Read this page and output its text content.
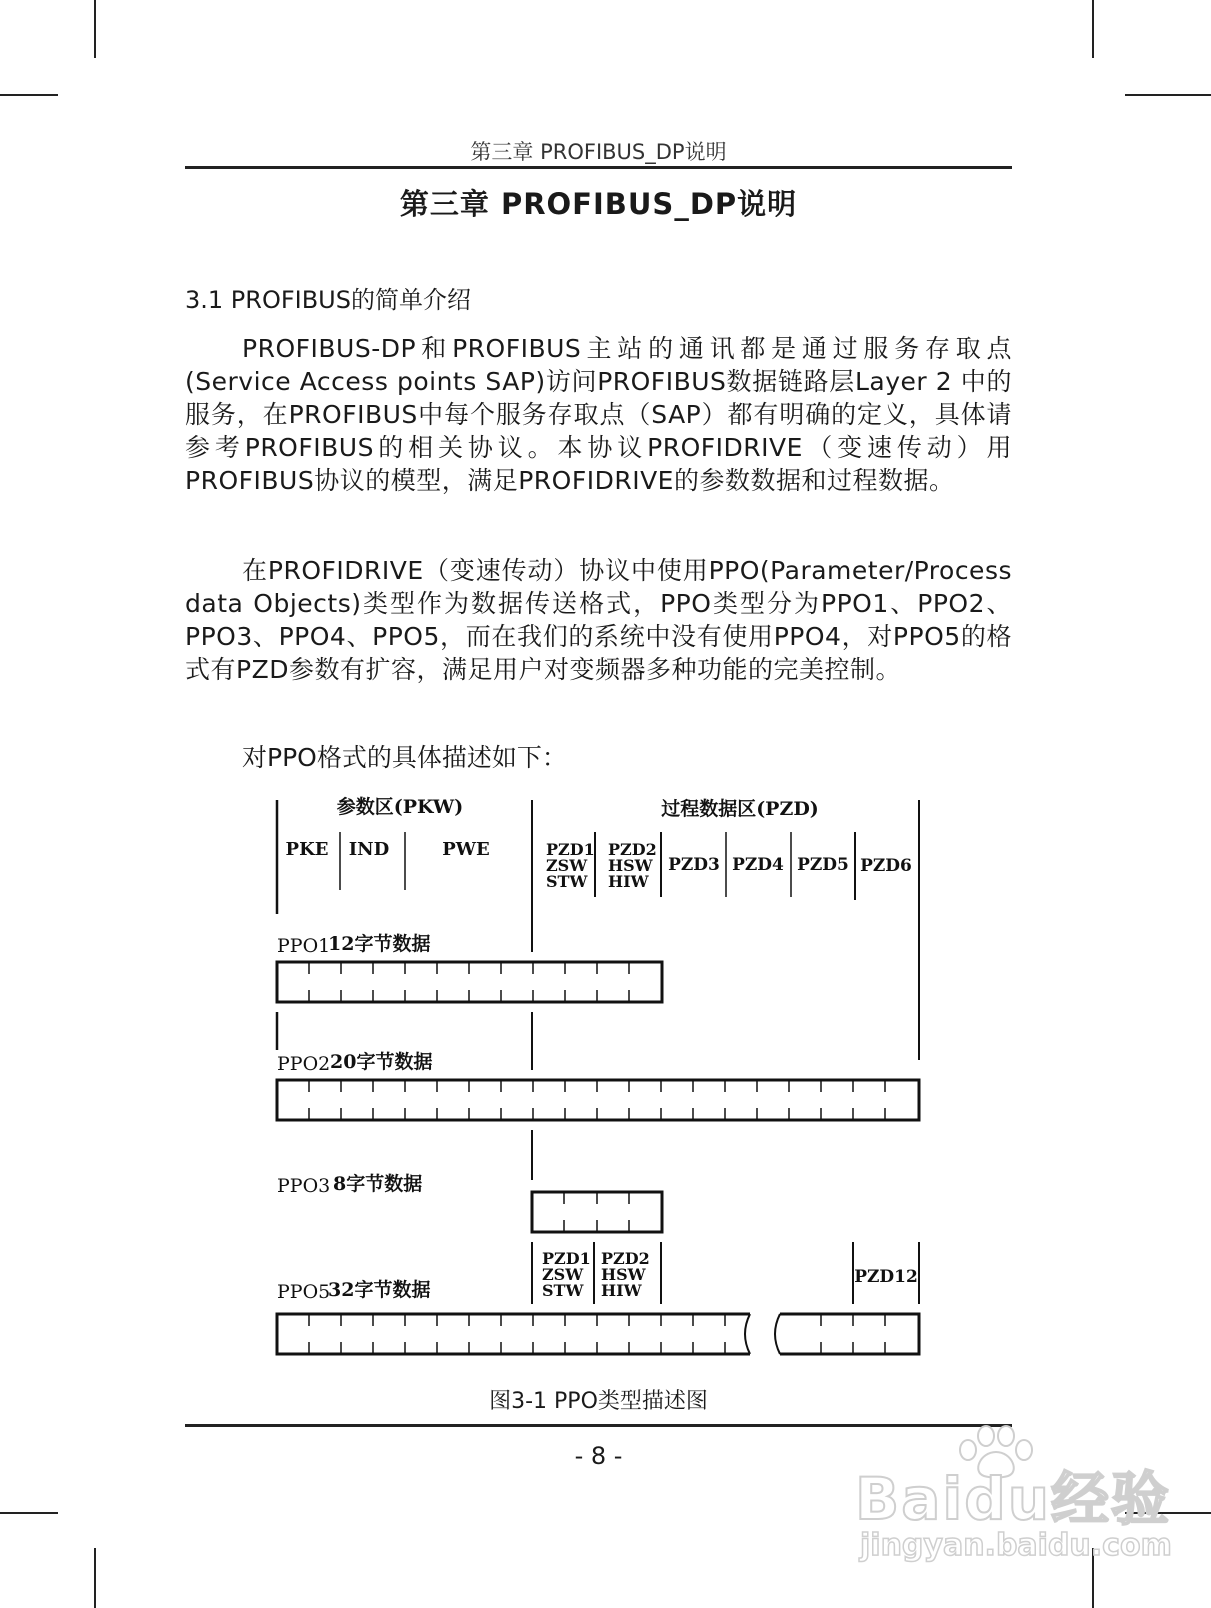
第三章 PROFIBUS_DP说明
第三章 PROFIBUS_DP说明
3.1 PROFIBUS的简单介绍

PROFIBUS-DP和PROFIBUS主站的通讯都是通过服务存取点(Service Access points SAP)访问PROFIBUS数据链路层Layer 2 中的服务，在PROFIBUS中每个服务存取点（SAP）都有明确的定义，具体请参考PROFIBUS的相关协议。本协议PROFIDRIVE（变速传动）用PROFIBUS协议的模型，满足PROFIDRIVE的参数数据和过程数据。

在PROFIDRIVE（变速传动）协议中使用PPO(Parameter/Process data Objects)类型作为数据传送格式，PPO类型分为PPO1、PPO2、PPO3、PPO4、PPO5，而在我们的系统中没有使用PPO4，对PPO5的格式有PZD参数有扩容，满足用户对变频器多种功能的完美控制。

对PPO格式的具体描述如下：
参数区(PKW)	过程数据区(PZD)
PKE IND	PWE	PZD1
ZSW
STW
PZD2
HSW
HIW
PZD3 PZD4 PZD5 PZD6
PPO1
12字节数据
PPO2 20字节数据
PPO3 8字节数据
PZD1
ZSW
STW
PZD2
HSW
HIW
PZD12
PPO5
32字节数据
图3-1 PPO类型描述图
- 8 -
Baidu经验
jingyan.baidu.com
